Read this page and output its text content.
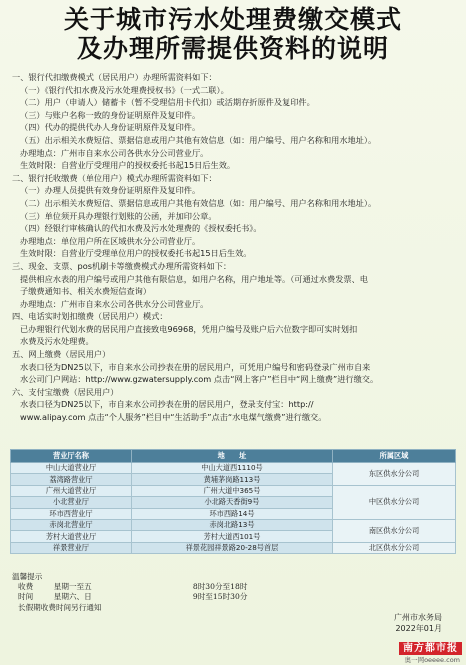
关于城市污水处理费缴交模式
及办理所需提供资料的说明
一、银行代扣缴费模式（居民用户）办理所需资料如下：
（一）《银行代扣水费及污水处理费授权书》（一式二联）。
（二）用户（申请人）储蓄卡（暂不受理信用卡代扣）或活期存折原件及复印件。
（三）与账户名称一致的身份证明原件及复印件。
（四）代办的提供代办人身份证明原件及复印件。
（五）出示相关水费短信、票据信息或用户其他有效信息（如：用户编号、用户名称和用水地址）。
办理地点：广州市自来水公司各供水分公司营业厅。
生效时限：自营业厅受理用户的授权委托书起15日后生效。
二、银行托收缴费（单位用户）模式办理所需资料如下：
（一）办理人员提供有效身份证明原件及复印件。
（二）出示相关水费短信、票据信息或用户其他有效信息（如：用户编号、用户名称和用水地址）。
（三）单位须开具办理银行划账的公函，并加印公章。
（四）经银行审核确认的代扣水费及污水处理费的《授权委托书》。
办理地点：单位用户所在区域供水分公司营业厅。
生效时限：自营业厅受理单位用户的授权委托书起15日后生效。
三、现金、支票、pos机刷卡等缴费模式办理所需资料如下：
提供相应水表的用户编号或用户其他有限信息，如用户名称，用户地址等。（可通过水费发票、电
子缴费通知书、相关水费短信查询）
办理地点：广州市自来水公司各供水分公司营业厅。
四、电话实时划扣缴费（居民用户）模式：
已办理银行代划水费的居民用户直接致电96968，凭用户编号及账户后六位数字即可实时划扣
水费及污水处理费。
五、网上缴费（居民用户）
水表口径为DN25以下，市自来水公司抄表在册的居民用户，可凭用户编号和密码登录广州市自来
水公司门户网站：http://www.gzwatersupply.com 点击“网上客户”栏目中“网上缴费”进行缴交。
六、支付宝缴费（居民用户）
水表口径为DN25以下，市自来水公司抄表在册的居民用户，登录支付宝：http://
www.alipay.com 点击“个人服务”栏目中“生活助手”点击“水电煤气缴费”进行缴交。
营业厅名称	地　　址	所属区域
中山大道营业厅	中山大道西1110号	东区供水分公司
荔湾路营业厅	黄埔茅岗路113号	
广州大道营业厅	广州大道中365号	中区供水分公司
小北营业厅	小北路天香街9号	
环市西营业厅	环市西路14号	
赤岗北营业厅	赤岗北路13号	南区供水分公司
芳村大道营业厅	芳村大道西101号	
祥景营业厅	祥景花园祥景路20-28号首层	北区供水分公司
温馨提示
收费	星期一至五	8时30分至18时
时间	星期六、日	9时至15时30分
长假期收费时间另行通知
广州市水务局
2022年01月
南方都市报
奥一网oeeee.com
